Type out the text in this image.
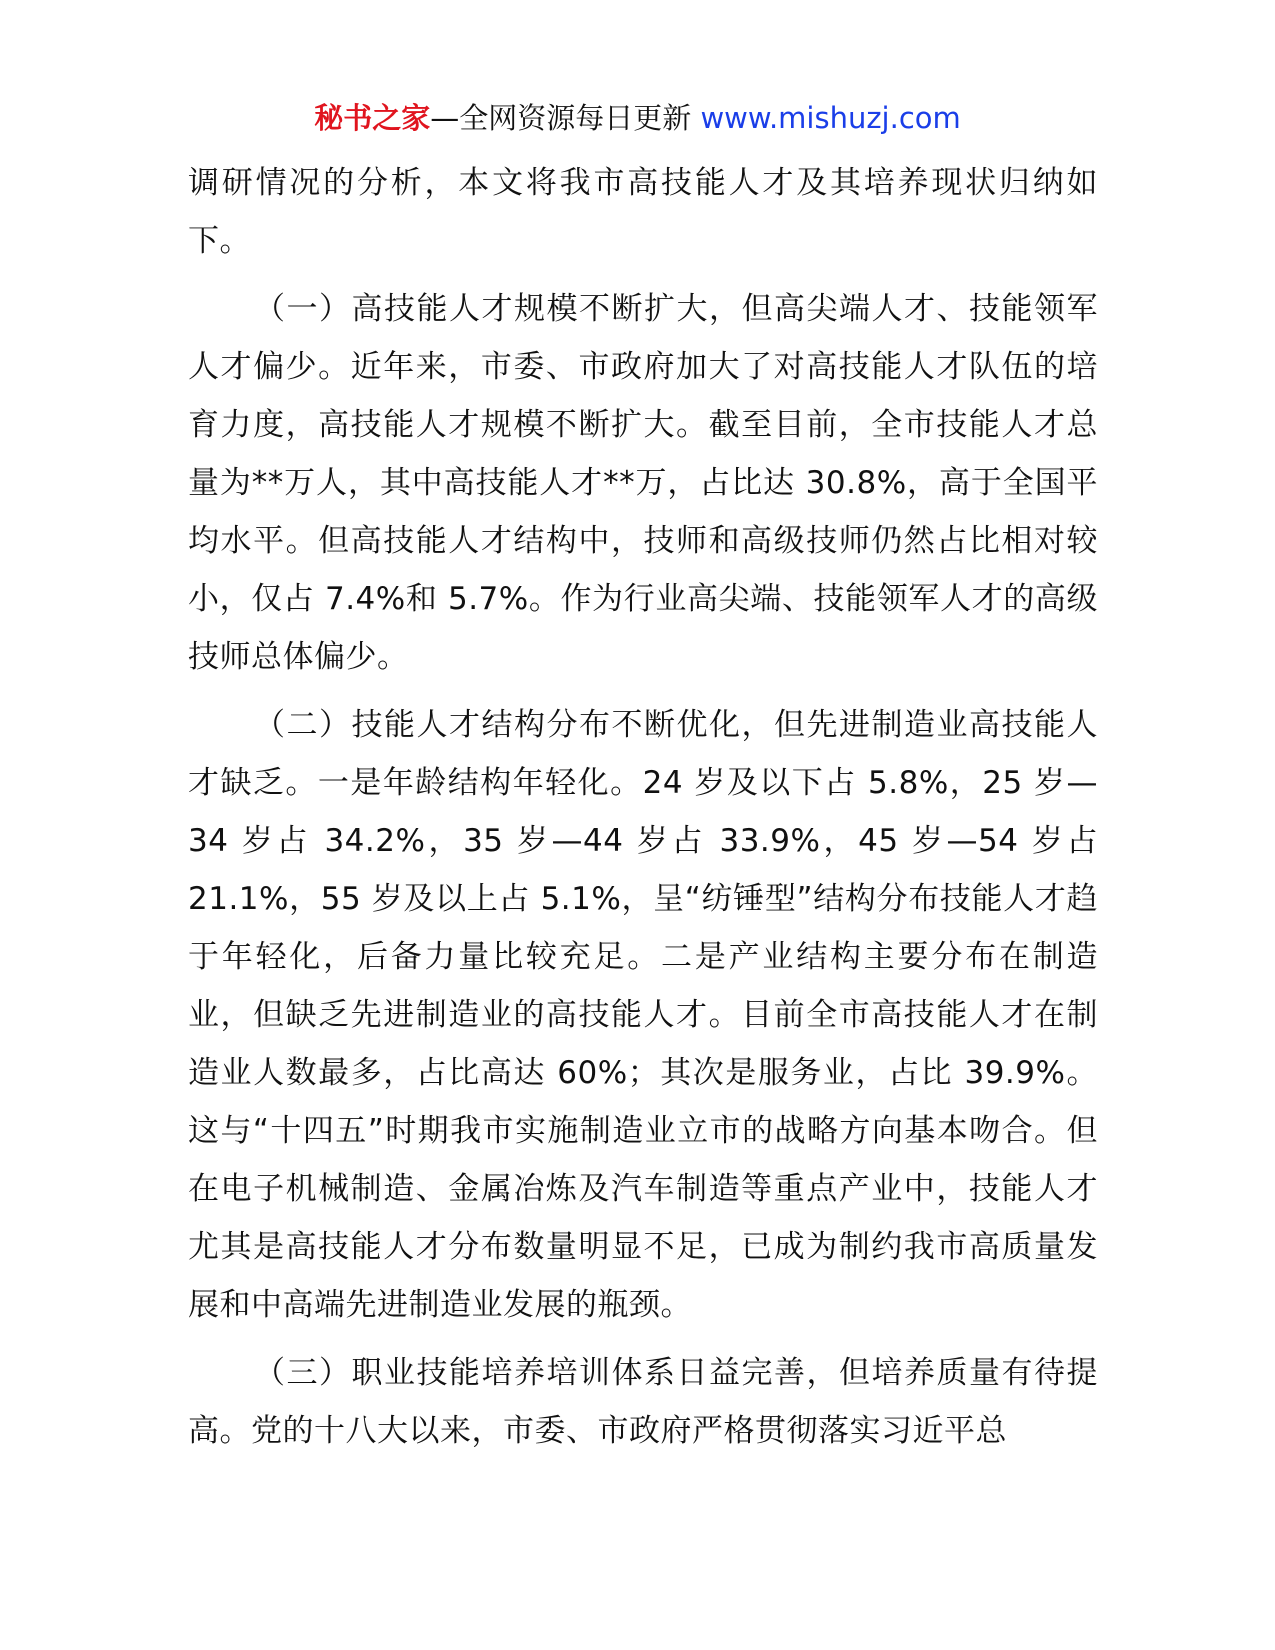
秘书之家—全网资源每日更新 www.mishuzj.com

调研情况的分析，本文将我市高技能人才及其培养现状归纳如下。

（一）高技能人才规模不断扩大，但高尖端人才、技能领军人才偏少。近年来，市委、市政府加大了对高技能人才队伍的培育力度，高技能人才规模不断扩大。截至目前，全市技能人才总量为**万人，其中高技能人才**万，占比达 30.8%，高于全国平均水平。但高技能人才结构中，技师和高级技师仍然占比相对较小，仅占 7.4%和 5.7%。作为行业高尖端、技能领军人才的高级技师总体偏少。

（二）技能人才结构分布不断优化，但先进制造业高技能人才缺乏。一是年龄结构年轻化。24 岁及以下占 5.8%，25 岁—34 岁占 34.2%，35 岁—44 岁占 33.9%，45 岁—54 岁占 21.1%，55 岁及以上占 5.1%，呈“纺锤型”结构分布技能人才趋于年轻化，后备力量比较充足。二是产业结构主要分布在制造业，但缺乏先进制造业的高技能人才。目前全市高技能人才在制造业人数最多，占比高达 60%；其次是服务业，占比 39.9%。这与“十四五”时期我市实施制造业立市的战略方向基本吻合。但在电子机械制造、金属冶炼及汽车制造等重点产业中，技能人才尤其是高技能人才分布数量明显不足，已成为制约我市高质量发展和中高端先进制造业发展的瓶颈。

（三）职业技能培养培训体系日益完善，但培养质量有待提高。党的十八大以来，市委、市政府严格贯彻落实习近平总
